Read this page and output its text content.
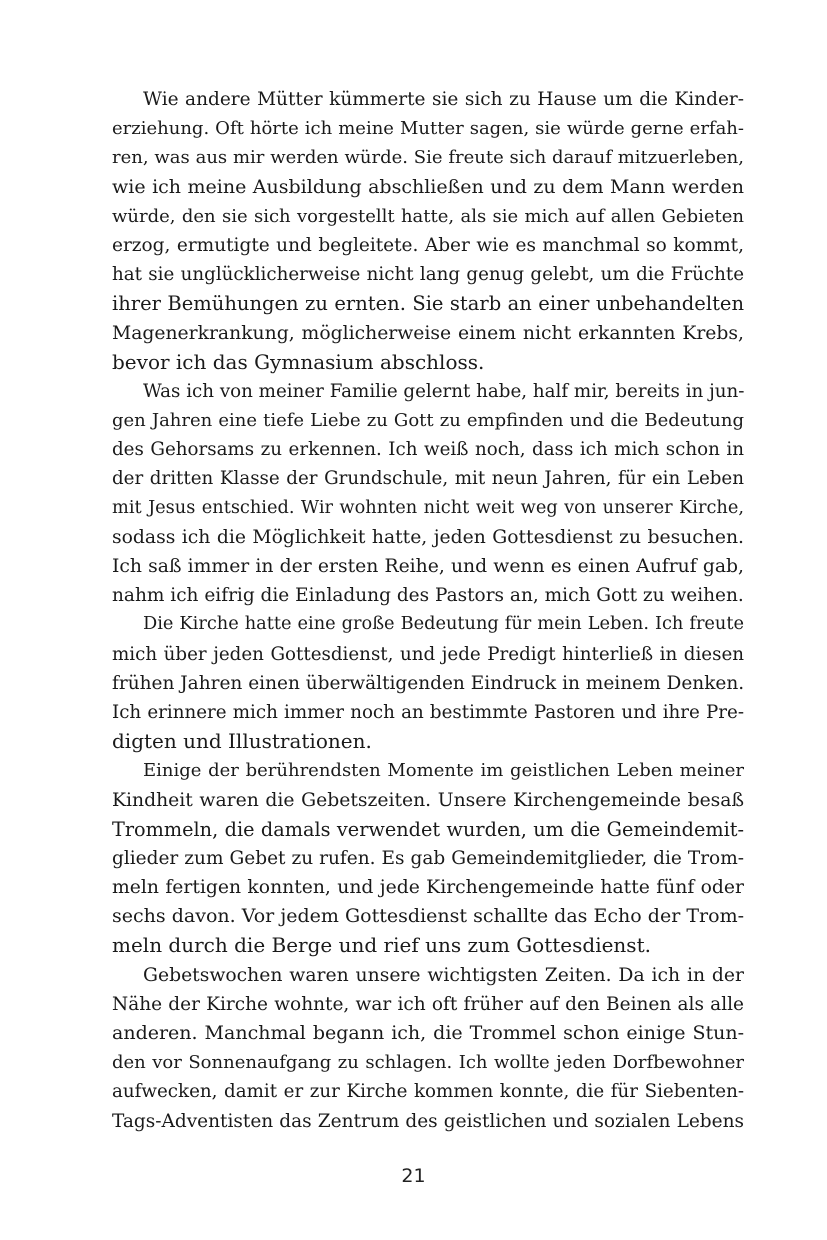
Wie andere Mütter kümmerte sie sich zu Hause um die Kinder-
erziehung. Oft hörte ich meine Mutter sagen, sie würde gerne erfah-
ren, was aus mir werden würde. Sie freute sich darauf mitzuerleben,
wie ich meine Ausbildung abschließen und zu dem Mann werden
würde, den sie sich vorgestellt hatte, als sie mich auf allen Gebieten
erzog, ermutigte und begleitete. Aber wie es manchmal so kommt,
hat sie unglücklicherweise nicht lang genug gelebt, um die Früchte
ihrer Bemühungen zu ernten. Sie starb an einer unbehandelten
Magenerkrankung, möglicherweise einem nicht erkannten Krebs,
bevor ich das Gymnasium abschloss.
Was ich von meiner Familie gelernt habe, half mir, bereits in jun-
gen Jahren eine tiefe Liebe zu Gott zu empfinden und die Bedeutung
des Gehorsams zu erkennen. Ich weiß noch, dass ich mich schon in
der dritten Klasse der Grundschule, mit neun Jahren, für ein Leben
mit Jesus entschied. Wir wohnten nicht weit weg von unserer Kirche,
sodass ich die Möglichkeit hatte, jeden Gottesdienst zu besuchen.
Ich saß immer in der ersten Reihe, und wenn es einen Aufruf gab,
nahm ich eifrig die Einladung des Pastors an, mich Gott zu weihen.
Die Kirche hatte eine große Bedeutung für mein Leben. Ich freute
mich über jeden Gottesdienst, und jede Predigt hinterließ in diesen
frühen Jahren einen überwältigenden Eindruck in meinem Denken.
Ich erinnere mich immer noch an bestimmte Pastoren und ihre Pre-
digten und Illustrationen.
Einige der berührendsten Momente im geistlichen Leben meiner
Kindheit waren die Gebetszeiten. Unsere Kirchengemeinde besaß
Trommeln, die damals verwendet wurden, um die Gemeindemit-
glieder zum Gebet zu rufen. Es gab Gemeindemitglieder, die Trom-
meln fertigen konnten, und jede Kirchengemeinde hatte fünf oder
sechs davon. Vor jedem Gottesdienst schallte das Echo der Trom-
meln durch die Berge und rief uns zum Gottesdienst.
Gebetswochen waren unsere wichtigsten Zeiten. Da ich in der
Nähe der Kirche wohnte, war ich oft früher auf den Beinen als alle
anderen. Manchmal begann ich, die Trommel schon einige Stun-
den vor Sonnenaufgang zu schlagen. Ich wollte jeden Dorfbewohner
aufwecken, damit er zur Kirche kommen konnte, die für Siebenten-
Tags-Adventisten das Zentrum des geistlichen und sozialen Lebens
21
